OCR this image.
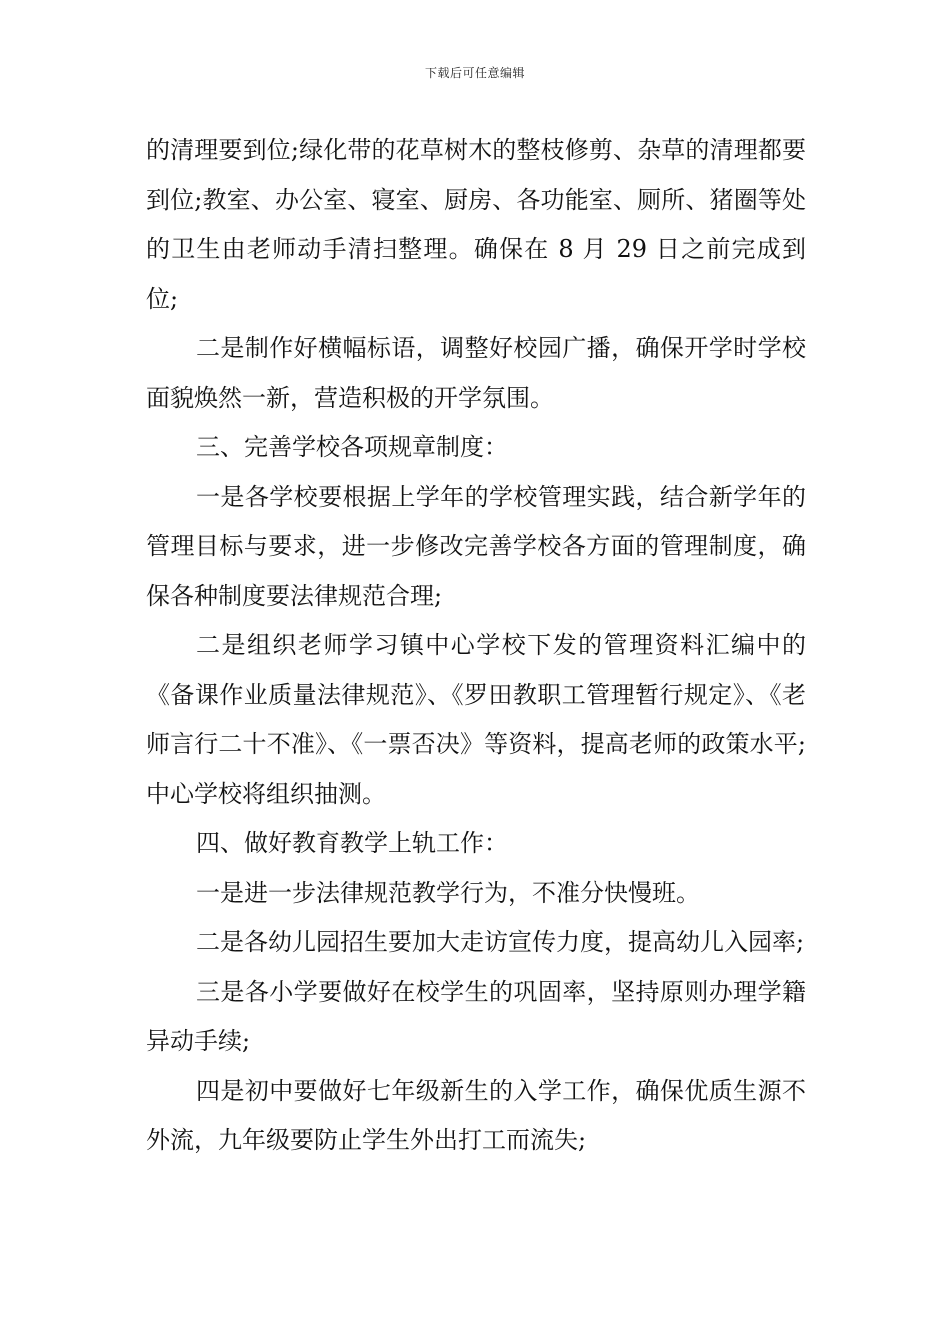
下载后可任意编辑

的清理要到位;绿化带的花草树木的整枝修剪、杂草的清理都要到位;教室、办公室、寝室、厨房、各功能室、厕所、猪圈等处的卫生由老师动手清扫整理。确保在 8 月 29 日之前完成到位;

二是制作好横幅标语，调整好校园广播，确保开学时学校面貌焕然一新，营造积极的开学氛围。

三、完善学校各项规章制度：

一是各学校要根据上学年的学校管理实践，结合新学年的管理目标与要求，进一步修改完善学校各方面的管理制度，确保各种制度要法律规范合理;

二是组织老师学习镇中心学校下发的管理资料汇编中的《备课作业质量法律规范》、《罗田教职工管理暂行规定》、《老师言行二十不准》、《一票否决》等资料，提高老师的政策水平;中心学校将组织抽测。

四、做好教育教学上轨工作：

一是进一步法律规范教学行为，不准分快慢班。

二是各幼儿园招生要加大走访宣传力度，提高幼儿入园率;

三是各小学要做好在校学生的巩固率，坚持原则办理学籍异动手续;

四是初中要做好七年级新生的入学工作，确保优质生源不外流，九年级要防止学生外出打工而流失;
